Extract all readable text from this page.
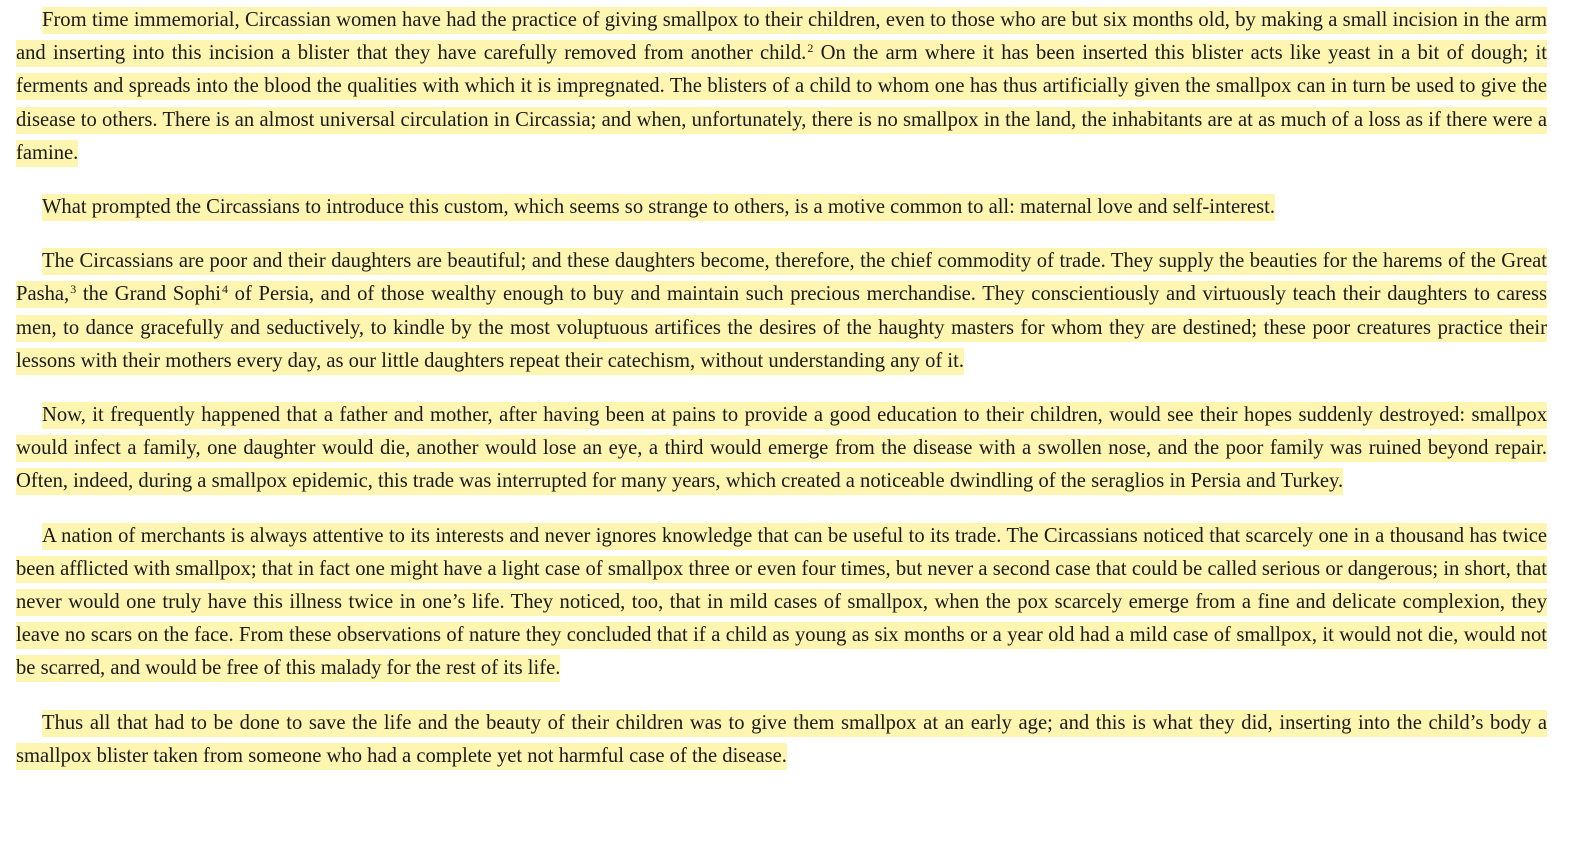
From time immemorial, Circassian women have had the practice of giving smallpox to their children, even to those who are but six months old, by making a small incision in the arm and inserting into this incision a blister that they have carefully removed from another child.$^2$ On the arm where it has been inserted this blister acts like yeast in a bit of dough; it ferments and spreads into the blood the qualities with which it is impregnated. The blisters of a child to whom one has thus artificially given the smallpox can in turn be used to give the disease to others. There is an almost universal circulation in Circassia; and when, unfortunately, there is no smallpox in the land, the inhabitants are at as much of a loss as if there were a famine.

What prompted the Circassians to introduce this custom, which seems so strange to others, is a motive common to all: maternal love and self-interest.

The Circassians are poor and their daughters are beautiful; and these daughters become, therefore, the chief commodity of trade. They supply the beauties for the harems of the Great Pasha,$^3$ the Grand Sophi$^4$ of Persia, and of those wealthy enough to buy and maintain such precious merchandise. They conscientiously and virtuously teach their daughters to caress men, to dance gracefully and seductively, to kindle by the most voluptuous artifices the desires of the haughty masters for whom they are destined; these poor creatures practice their lessons with their mothers every day, as our little daughters repeat their catechism, without understanding any of it.

Now, it frequently happened that a father and mother, after having been at pains to provide a good education to their children, would see their hopes suddenly destroyed: smallpox would infect a family, one daughter would die, another would lose an eye, a third would emerge from the disease with a swollen nose, and the poor family was ruined beyond repair. Often, indeed, during a smallpox epidemic, this trade was interrupted for many years, which created a noticeable dwindling of the seraglios in Persia and Turkey.

A nation of merchants is always attentive to its interests and never ignores knowledge that can be useful to its trade. The Circassians noticed that scarcely one in a thousand has twice been afflicted with smallpox; that in fact one might have a light case of smallpox three or even four times, but never a second case that could be called serious or dangerous; in short, that never would one truly have this illness twice in one’s life. They noticed, too, that in mild cases of smallpox, when the pox scarcely emerge from a fine and delicate complexion, they leave no scars on the face. From these observations of nature they concluded that if a child as young as six months or a year old had a mild case of smallpox, it would not die, would not be scarred, and would be free of this malady for the rest of its life.

Thus all that had to be done to save the life and the beauty of their children was to give them smallpox at an early age; and this is what they did, inserting into the child’s body a smallpox blister taken from someone who had a complete yet not harmful case of the disease.
